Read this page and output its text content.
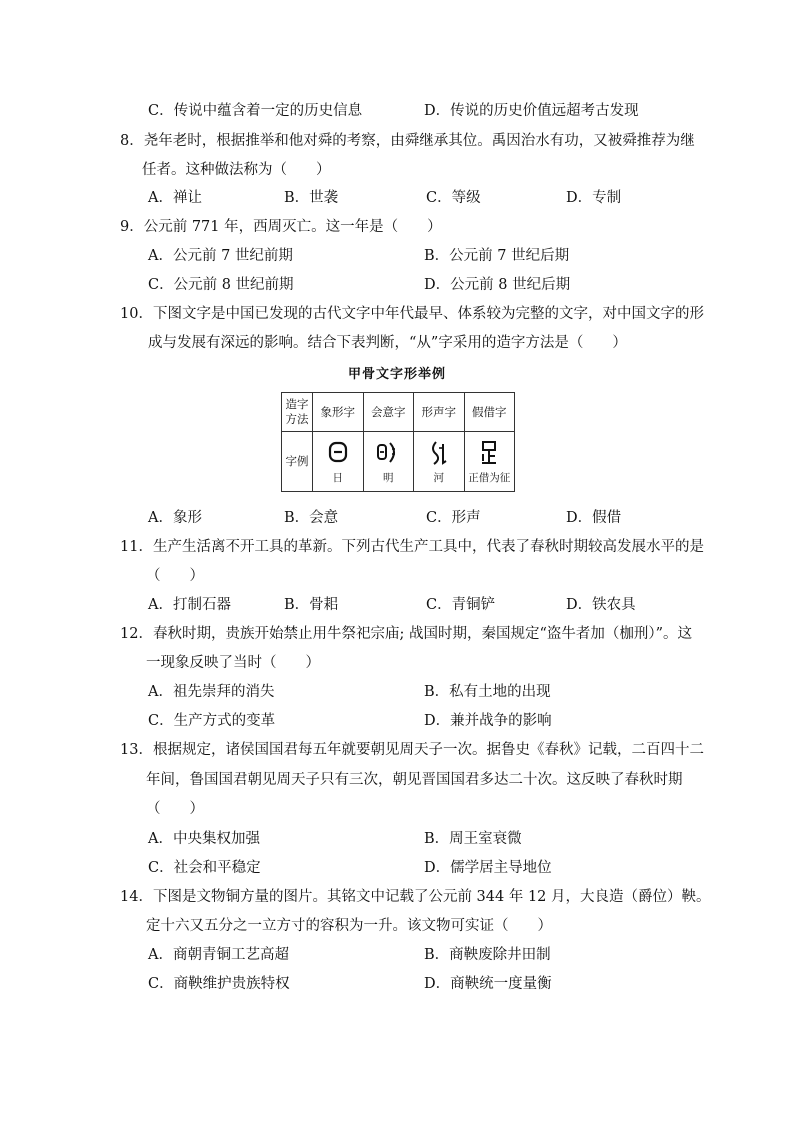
C．传说中蕴含着一定的历史信息	D．传说的历史价值远超考古发现
8．尧年老时，根据推举和他对舜的考察，由舜继承其位。禹因治水有功，又被舜推荐为继
任者。这种做法称为（　　）
A．禅让	B．世袭	C．等级	D．专制
9．公元前 771 年，西周灭亡。这一年是（　　）
A．公元前 7 世纪前期	B．公元前 7 世纪后期
C．公元前 8 世纪前期	D．公元前 8 世纪后期
10．下图文字是中国已发现的古代文字中年代最早、体系较为完整的文字，对中国文字的形
成与发展有深远的影响。结合下表判断，“从”字采用的造字方法是（　　）
甲骨文字形举例
造字方法	象形字	会意字	形声字	假借字
字例	日	明	河	正借为征
A．象形	B．会意	C．形声	D．假借
11．生产生活离不开工具的革新。下列古代生产工具中，代表了春秋时期较高发展水平的是
（　　）
A．打制石器	B．骨耜	C．青铜铲	D．铁农具
12．春秋时期，贵族开始禁止用牛祭祀宗庙; 战国时期，秦国规定“盗牛者加（枷刑）”。这
一现象反映了当时（　　）
A．祖先崇拜的消失	B．私有土地的出现
C．生产方式的变革	D．兼并战争的影响
13．根据规定，诸侯国国君每五年就要朝见周天子一次。据鲁史《春秋》记载，二百四十二
年间，鲁国国君朝见周天子只有三次，朝见晋国国君多达二十次。这反映了春秋时期
（　　）
A．中央集权加强	B．周王室衰微
C．社会和平稳定	D．儒学居主导地位
14．下图是文物铜方量的图片。其铭文中记载了公元前 344 年 12 月，大良造（爵位）鞅。
定十六又五分之一立方寸的容积为一升。该文物可实证（　　）
A．商朝青铜工艺高超	B．商鞅废除井田制
C．商鞅维护贵族特权	D．商鞅统一度量衡
